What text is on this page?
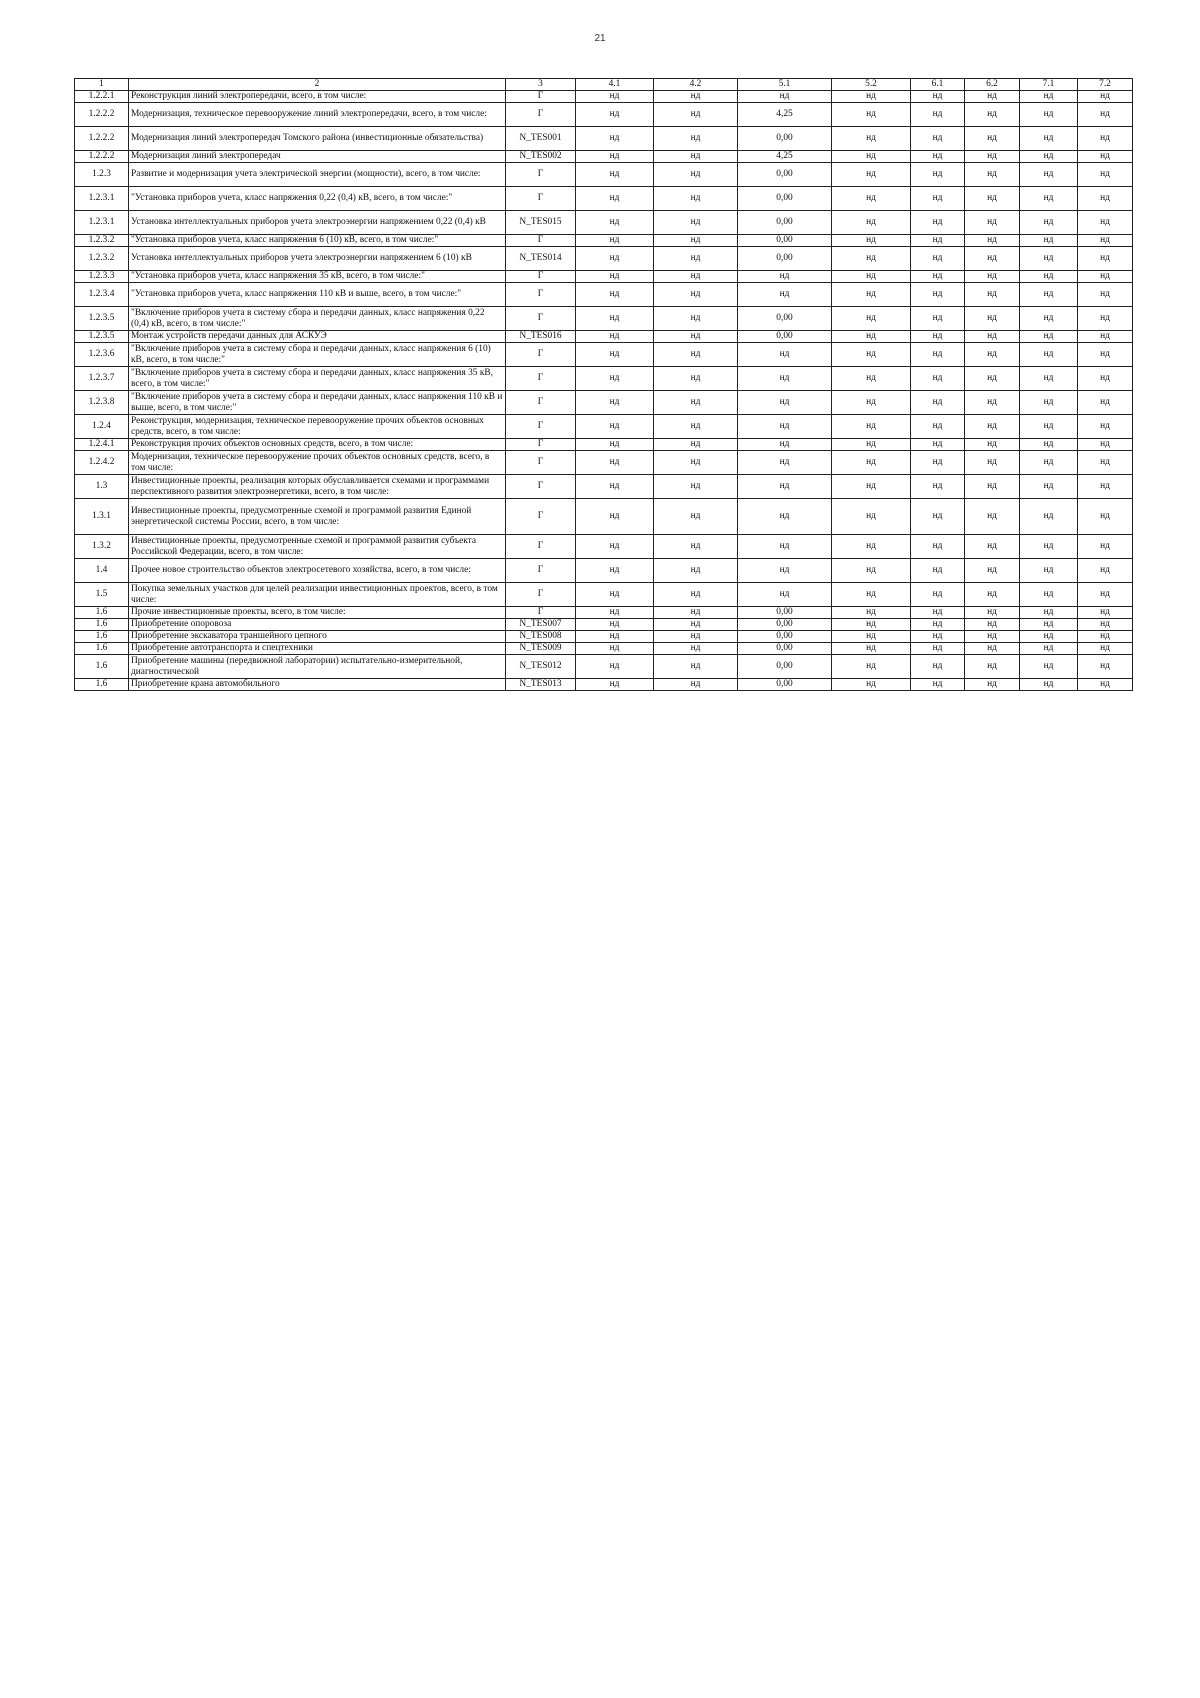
21
1	2	3	4.1	4.2	5.1	5.2	6.1	6.2	7.1	7.2
1.2.2.1	Реконструкция линий электропередачи, всего, в том числе:	Г	нд	нд	нд	нд	нд	нд	нд	нд
1.2.2.2	Модернизация, техническое перевооружение линий электропередачи, всего, в том числе:	Г	нд	нд	4,25	нд	нд	нд	нд	нд
1.2.2.2	Модернизация линий электропередач Томского района (инвестиционные обязательства)	N_TES001	нд	нд	0,00	нд	нд	нд	нд	нд
1.2.2.2	Модернизация линий электропередач	N_TES002	нд	нд	4,25	нд	нд	нд	нд	нд
1.2.3	Развитие и модернизация учета электрической энергии (мощности), всего, в том числе:	Г	нд	нд	0,00	нд	нд	нд	нд	нд
1.2.3.1	"Установка приборов учета, класс напряжения 0,22 (0,4) кВ, всего, в том числе:"	Г	нд	нд	0,00	нд	нд	нд	нд	нд
1.2.3.1	Установка интеллектуальных приборов учета электроэнергии напряжением 0,22 (0,4) кВ	N_TES015	нд	нд	0,00	нд	нд	нд	нд	нд
1.2.3.2	"Установка приборов учета, класс напряжения 6 (10) кВ, всего, в том числе:"	Г	нд	нд	0,00	нд	нд	нд	нд	нд
1.2.3.2	Установка интеллектуальных приборов учета электроэнергии напряжением 6 (10) кВ	N_TES014	нд	нд	0,00	нд	нд	нд	нд	нд
1.2.3.3	"Установка приборов учета, класс напряжения 35 кВ, всего, в том числе:"	Г	нд	нд	нд	нд	нд	нд	нд	нд
1.2.3.4	"Установка приборов учета, класс напряжения 110 кВ и выше, всего, в том числе:"	Г	нд	нд	нд	нд	нд	нд	нд	нд
1.2.3.5	"Включение приборов учета в систему сбора и передачи данных, класс напряжения 0,22 (0,4) кВ, всего, в том числе:"	Г	нд	нд	0,00	нд	нд	нд	нд	нд
1.2.3.5	Монтаж устройств передачи данных для АСКУЭ	N_TES016	нд	нд	0,00	нд	нд	нд	нд	нд
1.2.3.6	"Включение приборов учета в систему сбора и передачи данных, класс напряжения 6 (10) кВ, всего, в том числе:"	Г	нд	нд	нд	нд	нд	нд	нд	нд
1.2.3.7	"Включение приборов учета в систему сбора и передачи данных, класс напряжения 35 кВ, всего, в том числе:"	Г	нд	нд	нд	нд	нд	нд	нд	нд
1.2.3.8	"Включение приборов учета в систему сбора и передачи данных, класс напряжения 110 кВ и выше, всего, в том числе:"	Г	нд	нд	нд	нд	нд	нд	нд	нд
1.2.4	Реконструкция, модернизация, техническое перевооружение прочих объектов основных средств, всего, в том числе:	Г	нд	нд	нд	нд	нд	нд	нд	нд
1.2.4.1	Реконструкция прочих объектов основных средств, всего, в том числе:	Г	нд	нд	нд	нд	нд	нд	нд	нд
1.2.4.2	Модернизация, техническое перевооружение прочих объектов основных средств, всего, в том числе:	Г	нд	нд	нд	нд	нд	нд	нд	нд
1.3	Инвестиционные проекты, реализация которых обуславливается схемами и программами перспективного развития электроэнергетики, всего, в том числе:	Г	нд	нд	нд	нд	нд	нд	нд	нд
1.3.1	Инвестиционные проекты, предусмотренные схемой и программой развития Единой энергетической системы России, всего, в том числе:	Г	нд	нд	нд	нд	нд	нд	нд	нд
1.3.2	Инвестиционные проекты, предусмотренные схемой и программой развития субъекта Российской Федерации, всего, в том числе:	Г	нд	нд	нд	нд	нд	нд	нд	нд
1.4	Прочее новое строительство объектов электросетевого хозяйства, всего, в том числе:	Г	нд	нд	нд	нд	нд	нд	нд	нд
1.5	Покупка земельных участков для целей реализации инвестиционных проектов, всего, в том числе:	Г	нд	нд	нд	нд	нд	нд	нд	нд
1.6	Прочие инвестиционные проекты, всего, в том числе:	Г	нд	нд	0,00	нд	нд	нд	нд	нд
1.6	Приобретение опоровоза	N_TES007	нд	нд	0,00	нд	нд	нд	нд	нд
1.6	Приобретение экскаватора траншейного цепного	N_TES008	нд	нд	0,00	нд	нд	нд	нд	нд
1.6	Приобретение автотранспорта и спецтехники	N_TES009	нд	нд	0,00	нд	нд	нд	нд	нд
1.6	Приобретение машины (передвижной лаборатории) испытательно-измерительной, диагностической	N_TES012	нд	нд	0,00	нд	нд	нд	нд	нд
1.6	Приобретение крана автомобильного	N_TES013	нд	нд	0,00	нд	нд	нд	нд	нд
